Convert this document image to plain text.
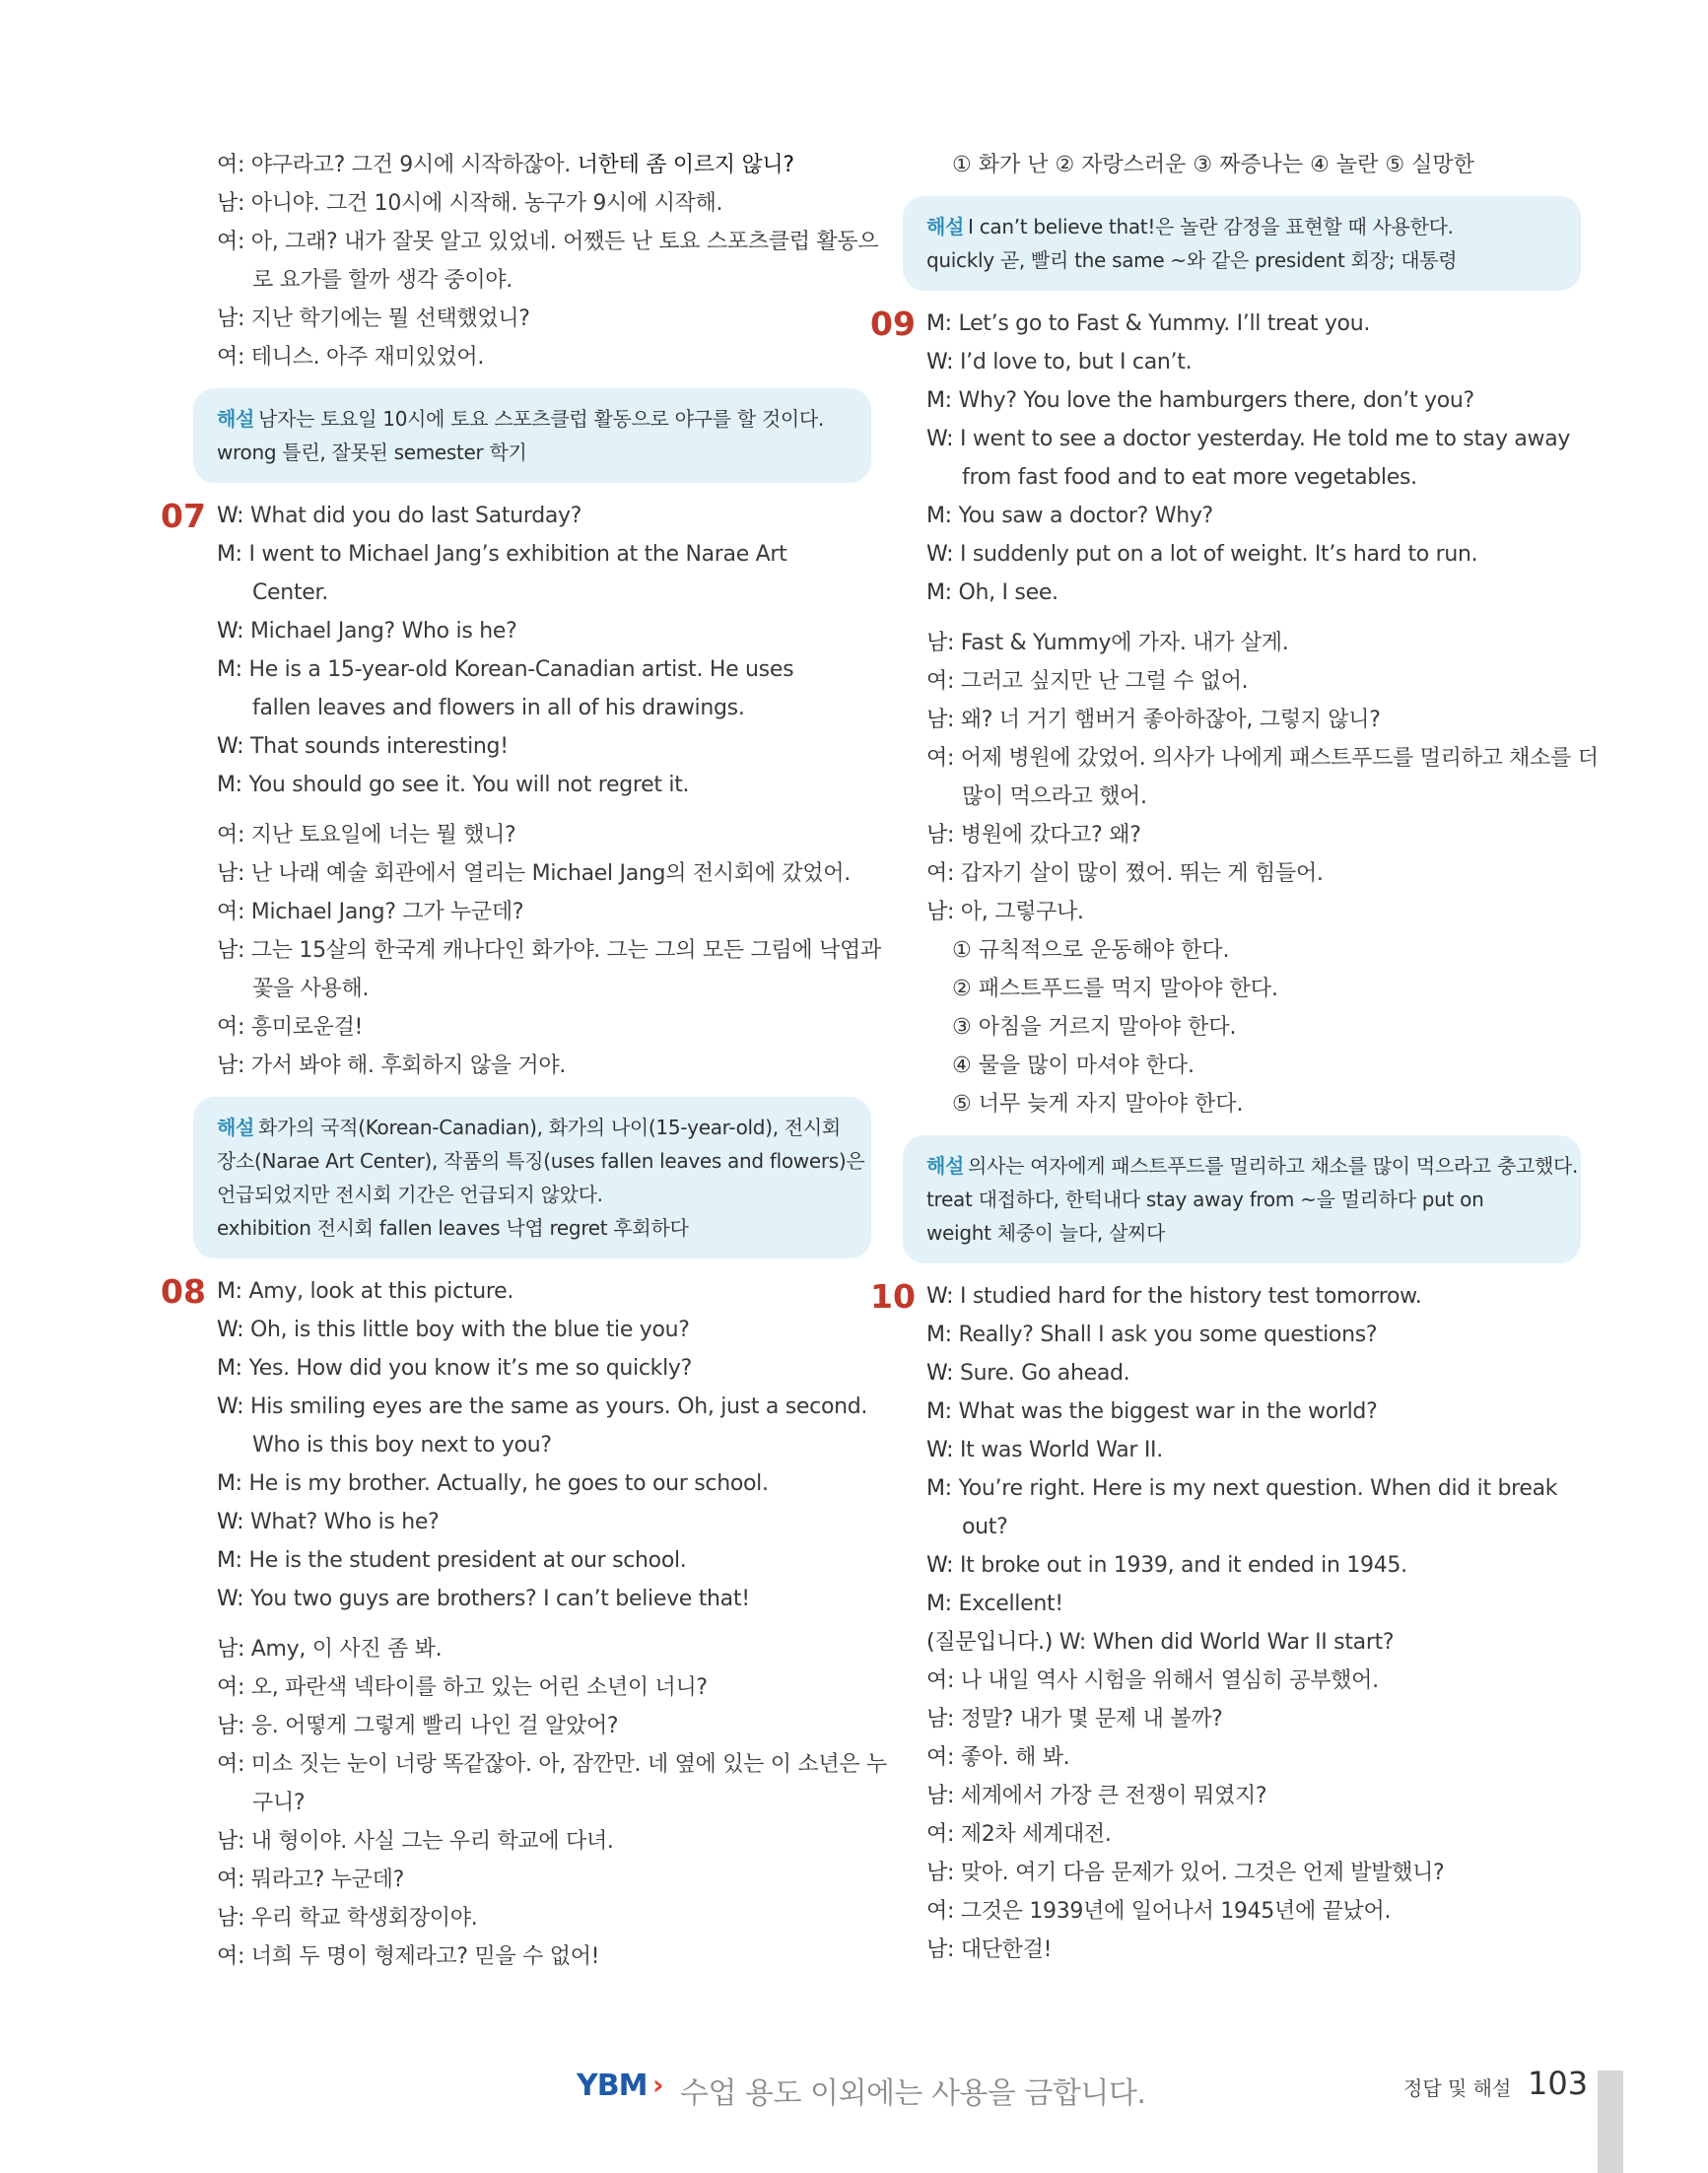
여: 야구라고? 그건 9시에 시작하잖아. 너한테 좀 이르지 않니?
남: 아니야. 그건 10시에 시작해. 농구가 9시에 시작해.
여: 아, 그래? 내가 잘못 알고 있었네. 어쨌든 난 토요 스포츠클럽 활동으
로 요가를 할까 생각 중이야.
남: 지난 학기에는 뭘 선택했었니?
여: 테니스. 아주 재미있었어.
해설 남자는 토요일 10시에 토요 스포츠클럽 활동으로 야구를 할 것이다.
wrong 틀린, 잘못된 semester 학기
07 W: What did you do last Saturday?
M: I went to Michael Jang’s exhibition at the Narae Art
Center.
W: Michael Jang? Who is he?
M: He is a 15-year-old Korean-Canadian artist. He uses
fallen leaves and flowers in all of his drawings.
W: That sounds interesting!
M: You should go see it. You will not regret it.
여: 지난 토요일에 너는 뭘 했니?
남: 난 나래 예술 회관에서 열리는 Michael Jang의 전시회에 갔었어.
여: Michael Jang? 그가 누군데?
남: 그는 15살의 한국계 캐나다인 화가야. 그는 그의 모든 그림에 낙엽과
꽃을 사용해.
여: 흥미로운걸!
남: 가서 봐야 해. 후회하지 않을 거야.
해설 화가의 국적(Korean-Canadian), 화가의 나이(15-year-old), 전시회
장소(Narae Art Center), 작품의 특징(uses fallen leaves and flowers)은
언급되었지만 전시회 기간은 언급되지 않았다.
exhibition 전시회 fallen leaves 낙엽 regret 후회하다
08 M: Amy, look at this picture.
W: Oh, is this little boy with the blue tie you?
M: Yes. How did you know it’s me so quickly?
W: His smiling eyes are the same as yours. Oh, just a second.
Who is this boy next to you?
M: He is my brother. Actually, he goes to our school.
W: What? Who is he?
M: He is the student president at our school.
W: You two guys are brothers? I can’t believe that!
남: Amy, 이 사진 좀 봐.
여: 오, 파란색 넥타이를 하고 있는 어린 소년이 너니?
남: 응. 어떻게 그렇게 빨리 나인 걸 알았어?
여: 미소 짓는 눈이 너랑 똑같잖아. 아, 잠깐만. 네 옆에 있는 이 소년은 누
구니?
남: 내 형이야. 사실 그는 우리 학교에 다녀.
여: 뭐라고? 누군데?
남: 우리 학교 학생회장이야.
여: 너희 두 명이 형제라고? 믿을 수 없어!
① 화가 난 ② 자랑스러운 ③ 짜증나는 ④ 놀란 ⑤ 실망한
해설 I can’t believe that!은 놀란 감정을 표현할 때 사용한다.
quickly 곧, 빨리 the same ~와 같은 president 회장; 대통령
09 M: Let’s go to Fast & Yummy. I’ll treat you.
W: I’d love to, but I can’t.
M: Why? You love the hamburgers there, don’t you?
W: I went to see a doctor yesterday. He told me to stay away
from fast food and to eat more vegetables.
M: You saw a doctor? Why?
W: I suddenly put on a lot of weight. It’s hard to run.
M: Oh, I see.
남: Fast & Yummy에 가자. 내가 살게.
여: 그러고 싶지만 난 그럴 수 없어.
남: 왜? 너 거기 햄버거 좋아하잖아, 그렇지 않니?
여: 어제 병원에 갔었어. 의사가 나에게 패스트푸드를 멀리하고 채소를 더
많이 먹으라고 했어.
남: 병원에 갔다고? 왜?
여: 갑자기 살이 많이 쪘어. 뛰는 게 힘들어.
남: 아, 그렇구나.
① 규칙적으로 운동해야 한다.
② 패스트푸드를 먹지 말아야 한다.
③ 아침을 거르지 말아야 한다.
④ 물을 많이 마셔야 한다.
⑤ 너무 늦게 자지 말아야 한다.
해설 의사는 여자에게 패스트푸드를 멀리하고 채소를 많이 먹으라고 충고했다.
treat 대접하다, 한턱내다 stay away from ~을 멀리하다 put on
weight 체중이 늘다, 살찌다
10 W: I studied hard for the history test tomorrow.
M: Really? Shall I ask you some questions?
W: Sure. Go ahead.
M: What was the biggest war in the world?
W: It was World War II.
M: You’re right. Here is my next question. When did it break
out?
W: It broke out in 1939, and it ended in 1945.
M: Excellent!
(질문입니다.) W: When did World War II start?
여: 나 내일 역사 시험을 위해서 열심히 공부했어.
남: 정말? 내가 몇 문제 내 볼까?
여: 좋아. 해 봐.
남: 세계에서 가장 큰 전쟁이 뭐였지?
여: 제2차 세계대전.
남: 맞아. 여기 다음 문제가 있어. 그것은 언제 발발했니?
여: 그것은 1939년에 일어나서 1945년에 끝났어.
남: 대단한걸!
YBM › 수업 용도 이외에는 사용을 금합니다.	정답 및 해설 103
